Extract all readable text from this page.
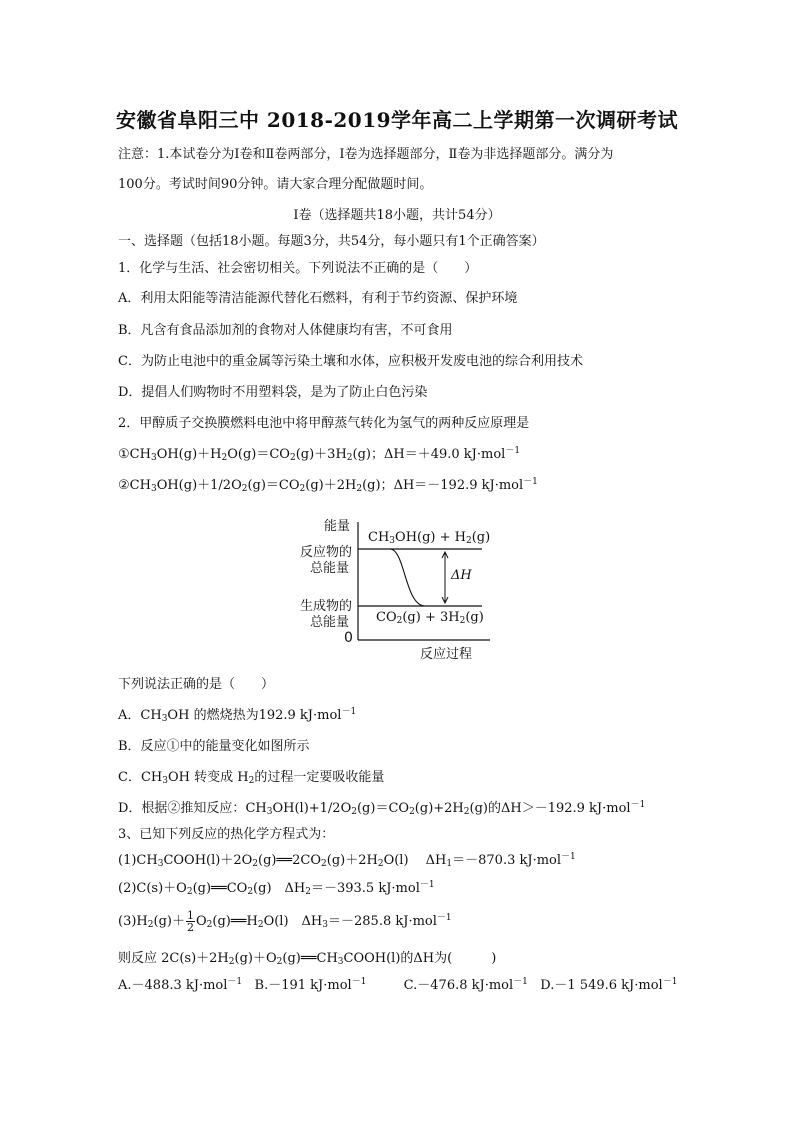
安徽省阜阳三中 2018-2019学年高二上学期第一次调研考试
注意：1.本试卷分为Ⅰ卷和Ⅱ卷两部分，Ⅰ卷为选择题部分，Ⅱ卷为非选择题部分。满分为
100分。考试时间90分钟。请大家合理分配做题时间。
Ⅰ卷（选择题共18小题，共计54分）
一、选择题（包括18小题。每题3分，共54分，每小题只有1个正确答案）
1．化学与生活、社会密切相关。下列说法不正确的是（　　）
A．利用太阳能等清洁能源代替化石燃料，有利于节约资源、保护环境
B．凡含有食品添加剂的食物对人体健康均有害，不可食用
C．为防止电池中的重金属等污染土壤和水体，应积极开发废电池的综合利用技术
D．提倡人们购物时不用塑料袋，是为了防止白色污染
2．甲醇质子交换膜燃料电池中将甲醇蒸气转化为氢气的两种反应原理是
$①CH_3OH(g)+H_2O(g)=CO_2(g)+3H_2(g)$；ΔH＝＋49.0 kJ·mol$^{-1}$
$②CH_3OH(g)+1/2O_2(g)=CO_2(g)+2H_2(g)$；ΔH＝－192.9 kJ·mol$^{-1}$
能量
反应物的
总能量
生成物的
总能量
0
反应过程
$CH_3OH(g) + H_2(g)$
$CO_2(g) + 3H_2(g)$
ΔH
下列说法正确的是（　　）
A．$CH_3OH$ 的燃烧热为192.9 kJ·mol$^{-1}$
B．反应①中的能量变化如图所示
C．$CH_3OH$ 转变成 $H_2$的过程一定要吸收能量
D．根据②推知反应：$CH_3OH(l)+1/2O_2(g)=CO_2(g)+2H_2(g)$的ΔH＞－192.9 kJ·mol$^{-1}$
3、已知下列反应的热化学方程式为：
$(1)CH_3COOH(l)+2O_2(g)══2CO_2(g)+2H_2O(l)$　 $\Delta H_1=-870.3$ kJ·mol$^{-1}$
$(2)C(s)+O_2(g)══CO_2(g)$　$\Delta H_2=-393.5$ kJ·mol$^{-1}$
$(3)H_2(g)+ \frac{1}{2}$ $O_2(g)══H_2O(l)$　$\Delta H_3=-285.8$ kJ·mol$^{-1}$
则反应 $2C(s)+2H_2(g)+O_2(g)══CH_3COOH(l)$的ΔH为(　　　)
A.－488.3 kJ·mol$^{-1}$ B.－191 kJ·mol$^{-1}$	C.－476.8 kJ·mol$^{-1}$ D.－1 549.6 kJ·mol$^{-1}$
